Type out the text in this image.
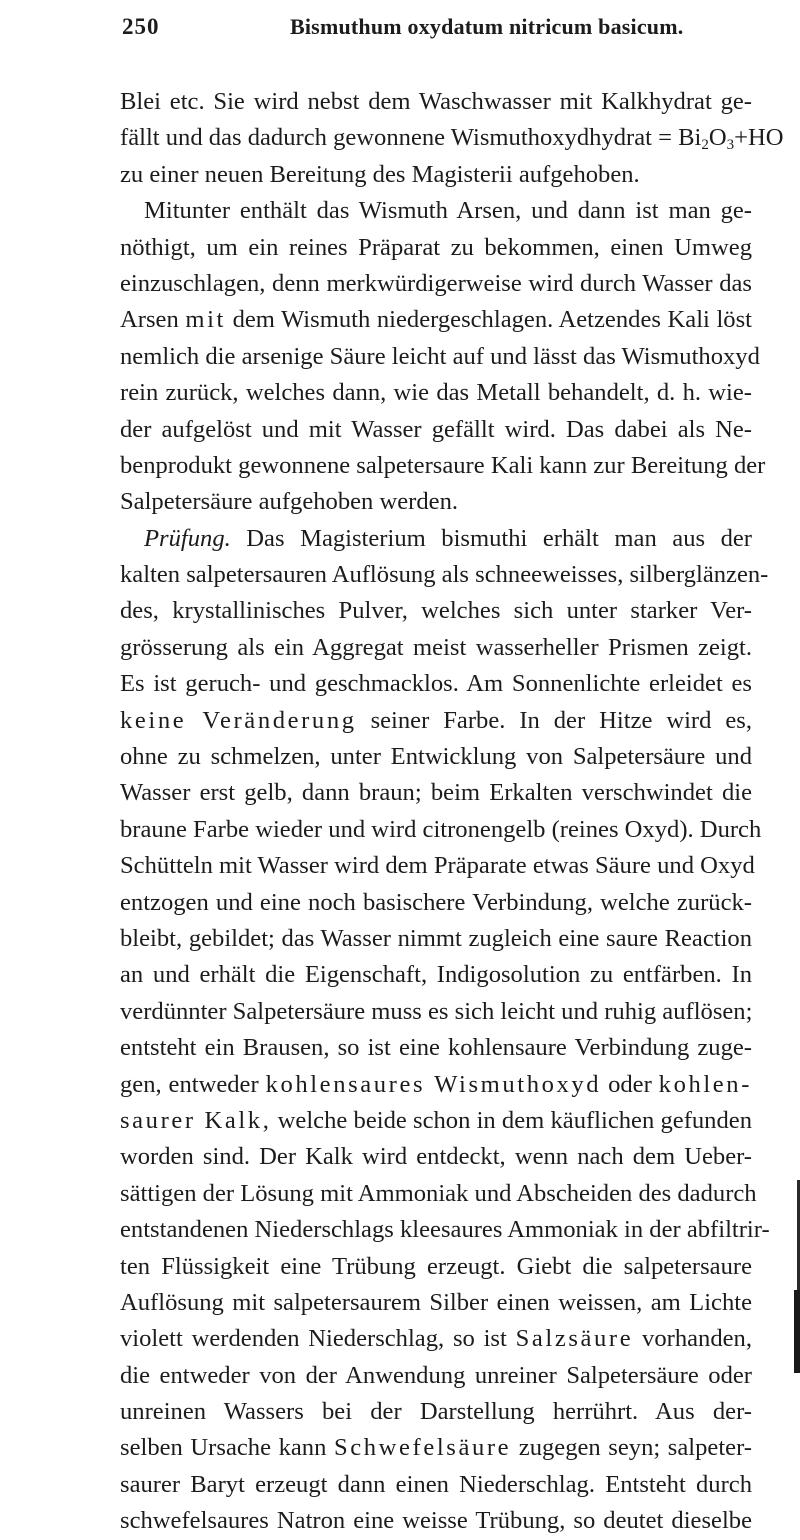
250	Bismuthum oxydatum nitricum basicum.
Blei etc. Sie wird nebst dem Waschwasser mit Kalkhydrat ge-
fällt und das dadurch gewonnene Wismuthoxydhydrat = $Bi_2O_3+HO$
zu einer neuen Bereitung des Magisterii aufgehoben.
Mitunter enthält das Wismuth Arsen, und dann ist man ge-
nöthigt, um ein reines Präparat zu bekommen, einen Umweg
einzuschlagen, denn merkwürdigerweise wird durch Wasser das
Arsen mit dem Wismuth niedergeschlagen. Aetzendes Kali löst
nemlich die arsenige Säure leicht auf und lässt das Wismuthoxyd
rein zurück, welches dann, wie das Metall behandelt, d. h. wie-
der aufgelöst und mit Wasser gefällt wird. Das dabei als Ne-
benprodukt gewonnene salpetersaure Kali kann zur Bereitung der
Salpetersäure aufgehoben werden.
Prüfung. Das Magisterium bismuthi erhält man aus der
kalten salpetersauren Auflösung als schneeweisses, silberglänzen-
des, krystallinisches Pulver, welches sich unter starker Ver-
grösserung als ein Aggregat meist wasserheller Prismen zeigt.
Es ist geruch- und geschmacklos. Am Sonnenlichte erleidet es
keine Veränderung seiner Farbe. In der Hitze wird es,
ohne zu schmelzen, unter Entwicklung von Salpetersäure und
Wasser erst gelb, dann braun; beim Erkalten verschwindet die
braune Farbe wieder und wird citronengelb (reines Oxyd). Durch
Schütteln mit Wasser wird dem Präparate etwas Säure und Oxyd
entzogen und eine noch basischere Verbindung, welche zurück-
bleibt, gebildet; das Wasser nimmt zugleich eine saure Reaction
an und erhält die Eigenschaft, Indigosolution zu entfärben. In
verdünnter Salpetersäure muss es sich leicht und ruhig auflösen;
entsteht ein Brausen, so ist eine kohlensaure Verbindung zuge-
gen, entweder kohlensaures Wismuthoxyd oder kohlen-
saurer Kalk, welche beide schon in dem käuflichen gefunden
worden sind. Der Kalk wird entdeckt, wenn nach dem Ueber-
sättigen der Lösung mit Ammoniak und Abscheiden des dadurch
entstandenen Niederschlags kleesaures Ammoniak in der abfiltrir-
ten Flüssigkeit eine Trübung erzeugt. Giebt die salpetersaure
Auflösung mit salpetersaurem Silber einen weissen, am Lichte
violett werdenden Niederschlag, so ist Salzsäure vorhanden,
die entweder von der Anwendung unreiner Salpetersäure oder
unreinen Wassers bei der Darstellung herrührt. Aus der-
selben Ursache kann Schwefelsäure zugegen seyn; salpeter-
saurer Baryt erzeugt dann einen Niederschlag. Entsteht durch
schwefelsaures Natron eine weisse Trübung, so deutet dieselbe
